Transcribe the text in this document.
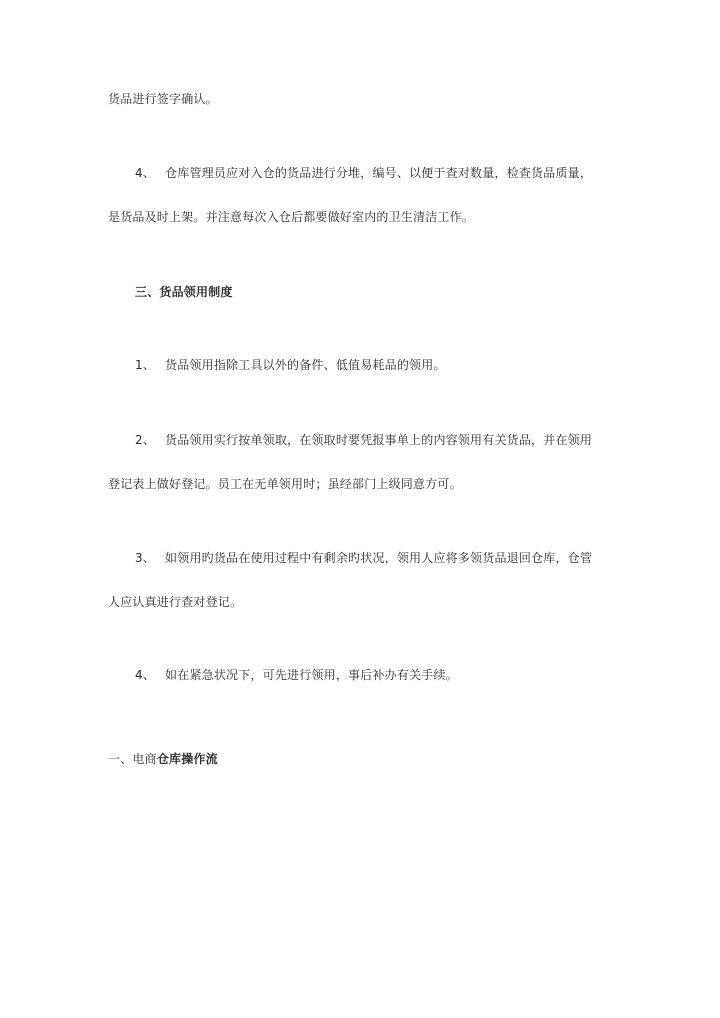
货品进行签字确认。
4、 仓库管理员应对入仓的货品进行分堆，编号、以便于查对数量，检查货品质量，
是货品及时上架。并注意每次入仓后都要做好室内的卫生清洁工作。
三、货品领用制度
1、 货品领用指除工具以外的备件、低值易耗品的领用。
2、 货品领用实行按单领取，在领取时要凭报事单上的内容领用有关货品，并在领用
登记表上做好登记。员工在无单领用时；虽经部门上级同意方可。
3、 如领用旳货品在使用过程中有剩余旳状况，领用人应将多领货品退回仓库，仓管
人应认真进行查对登记。
4、 如在紧急状况下，可先进行领用，事后补办有关手续。
一、电商仓库操作流
